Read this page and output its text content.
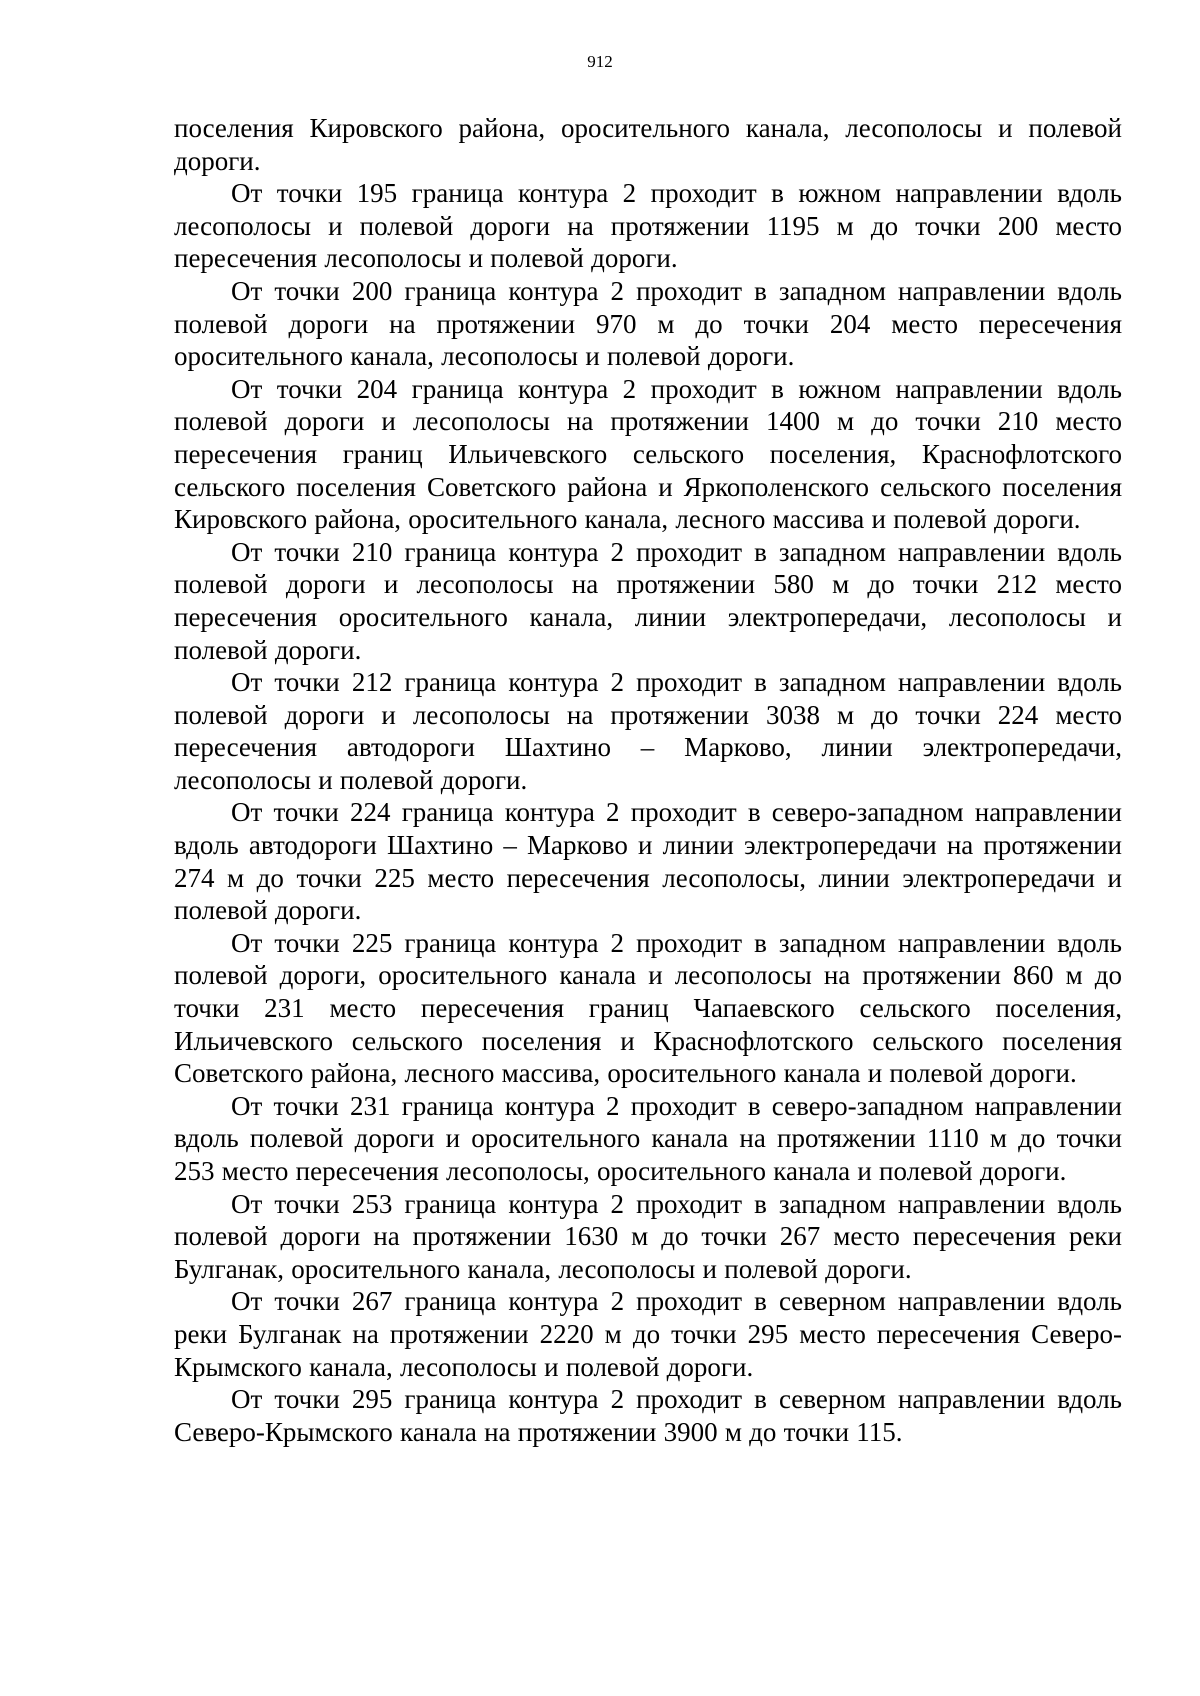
912

поселения Кировского района, оросительного канала, лесополосы и полевой дороги.

От точки 195 граница контура 2 проходит в южном направлении вдоль лесополосы и полевой дороги на протяжении 1195 м до точки 200 место пересечения лесополосы и полевой дороги.

От точки 200 граница контура 2 проходит в западном направлении вдоль полевой дороги на протяжении 970 м до точки 204 место пересечения оросительного канала, лесополосы и полевой дороги.

От точки 204 граница контура 2 проходит в южном направлении вдоль полевой дороги и лесополосы на протяжении 1400 м до точки 210 место пересечения границ Ильичевского сельского поселения, Краснофлотского сельского поселения Советского района и Яркополенского сельского поселения Кировского района, оросительного канала, лесного массива и полевой дороги.

От точки 210 граница контура 2 проходит в западном направлении вдоль полевой дороги и лесополосы на протяжении 580 м до точки 212 место пересечения оросительного канала, линии электропередачи, лесополосы и полевой дороги.

От точки 212 граница контура 2 проходит в западном направлении вдоль полевой дороги и лесополосы на протяжении 3038 м до точки 224 место пересечения автодороги Шахтино – Марково, линии электропередачи, лесополосы и полевой дороги.

От точки 224 граница контура 2 проходит в северо-западном направлении вдоль автодороги Шахтино – Марково и линии электропередачи на протяжении 274 м до точки 225 место пересечения лесополосы, линии электропередачи и полевой дороги.

От точки 225 граница контура 2 проходит в западном направлении вдоль полевой дороги, оросительного канала и лесополосы на протяжении 860 м до точки 231 место пересечения границ Чапаевского сельского поселения, Ильичевского сельского поселения и Краснофлотского сельского поселения Советского района, лесного массива, оросительного канала и полевой дороги.

От точки 231 граница контура 2 проходит в северо-западном направлении вдоль полевой дороги и оросительного канала на протяжении 1110 м до точки 253 место пересечения лесополосы, оросительного канала и полевой дороги.

От точки 253 граница контура 2 проходит в западном направлении вдоль полевой дороги на протяжении 1630 м до точки 267 место пересечения реки Булганак, оросительного канала, лесополосы и полевой дороги.

От точки 267 граница контура 2 проходит в северном направлении вдоль реки Булганак на протяжении 2220 м до точки 295 место пересечения Северо-Крымского канала, лесополосы и полевой дороги.

От точки 295 граница контура 2 проходит в северном направлении вдоль Северо-Крымского канала на протяжении 3900 м до точки 115.
